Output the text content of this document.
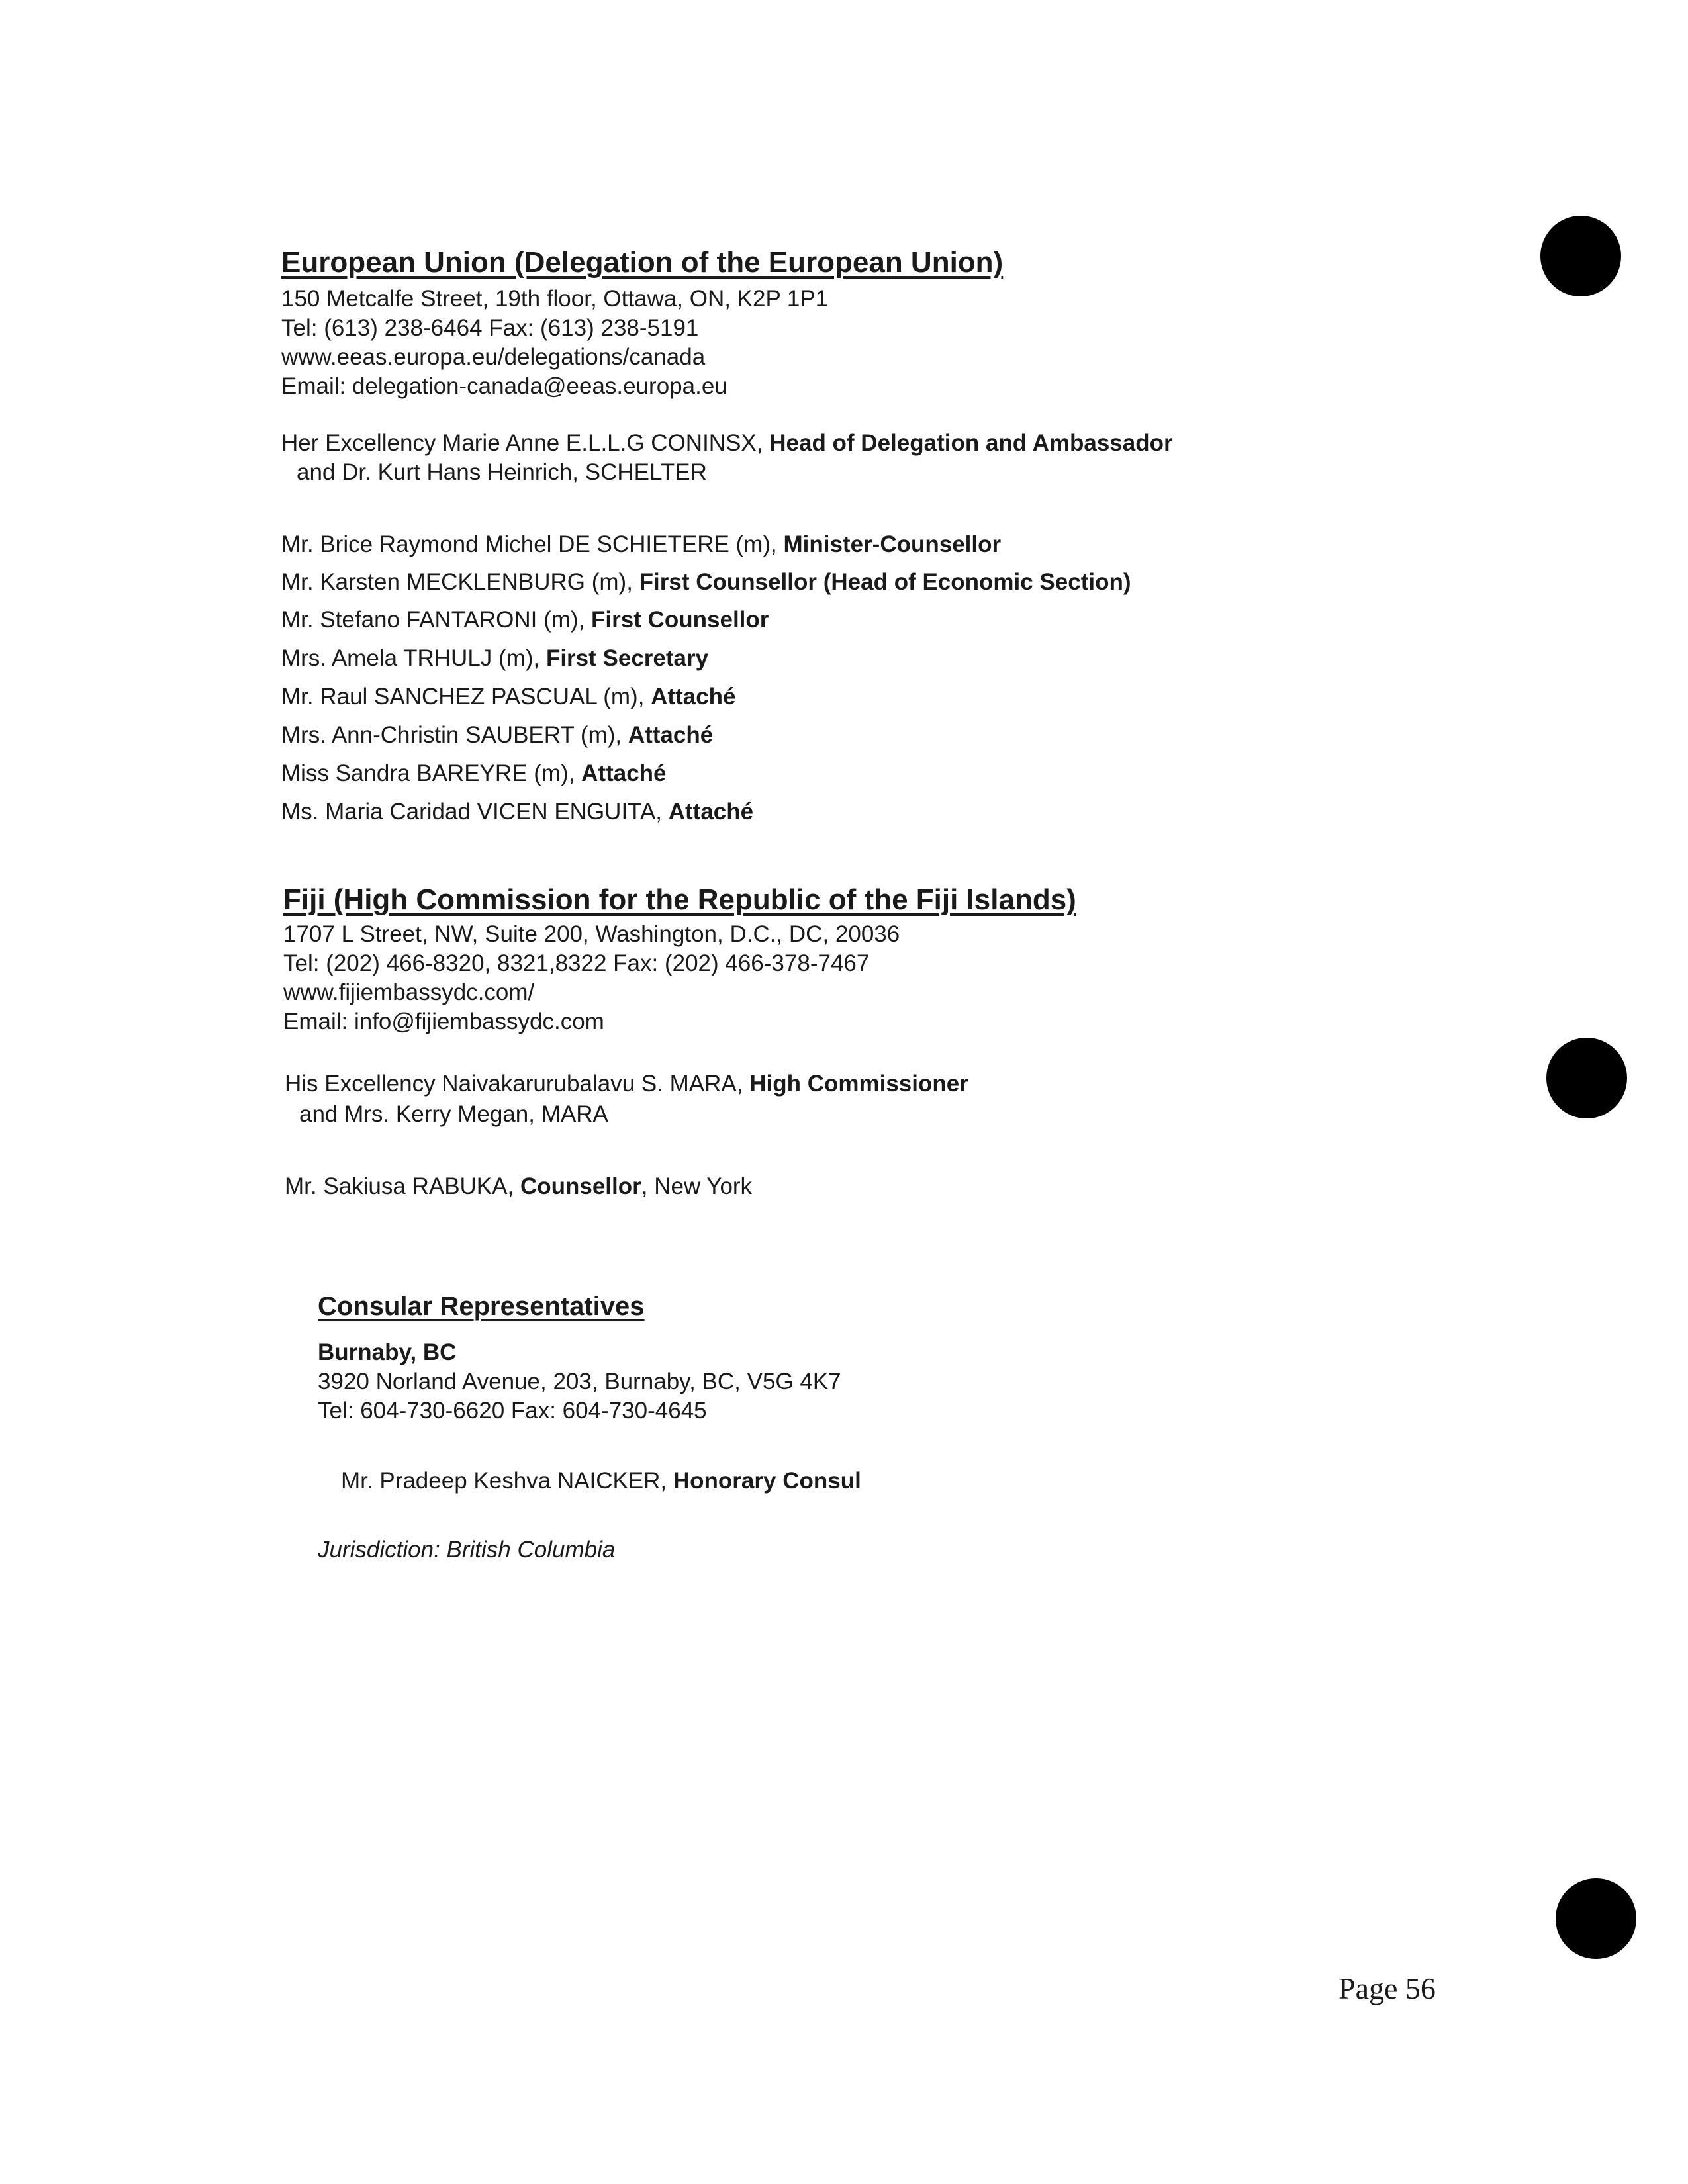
European Union (Delegation of the European Union)
150 Metcalfe Street, 19th floor, Ottawa, ON, K2P 1P1
Tel: (613) 238-6464 Fax: (613) 238-5191
www.eeas.europa.eu/delegations/canada
Email: delegation-canada@eeas.europa.eu
Her Excellency Marie Anne E.L.L.G CONINSX, Head of Delegation and Ambassador
and Dr. Kurt Hans Heinrich, SCHELTER
Mr. Brice Raymond Michel DE SCHIETERE (m), Minister-Counsellor
Mr. Karsten MECKLENBURG (m), First Counsellor (Head of Economic Section)
Mr. Stefano FANTARONI (m), First Counsellor
Mrs. Amela TRHULJ (m), First Secretary
Mr. Raul SANCHEZ PASCUAL (m), Attaché
Mrs. Ann-Christin SAUBERT (m), Attaché
Miss Sandra BAREYRE (m), Attaché
Ms. Maria Caridad VICEN ENGUITA, Attaché
Fiji (High Commission for the Republic of the Fiji Islands)
1707 L Street, NW, Suite 200, Washington, D.C., DC, 20036
Tel: (202) 466-8320, 8321,8322 Fax: (202) 466-378-7467
www.fijiembassydc.com/
Email: info@fijiembassydc.com
His Excellency Naivakarurubalavu S. MARA, High Commissioner
and Mrs. Kerry Megan, MARA
Mr. Sakiusa RABUKA, Counsellor, New York
Consular Representatives
Burnaby, BC
3920 Norland Avenue, 203, Burnaby, BC, V5G 4K7
Tel: 604-730-6620 Fax: 604-730-4645
Mr. Pradeep Keshva NAICKER, Honorary Consul
Jurisdiction: British Columbia
Page 56
